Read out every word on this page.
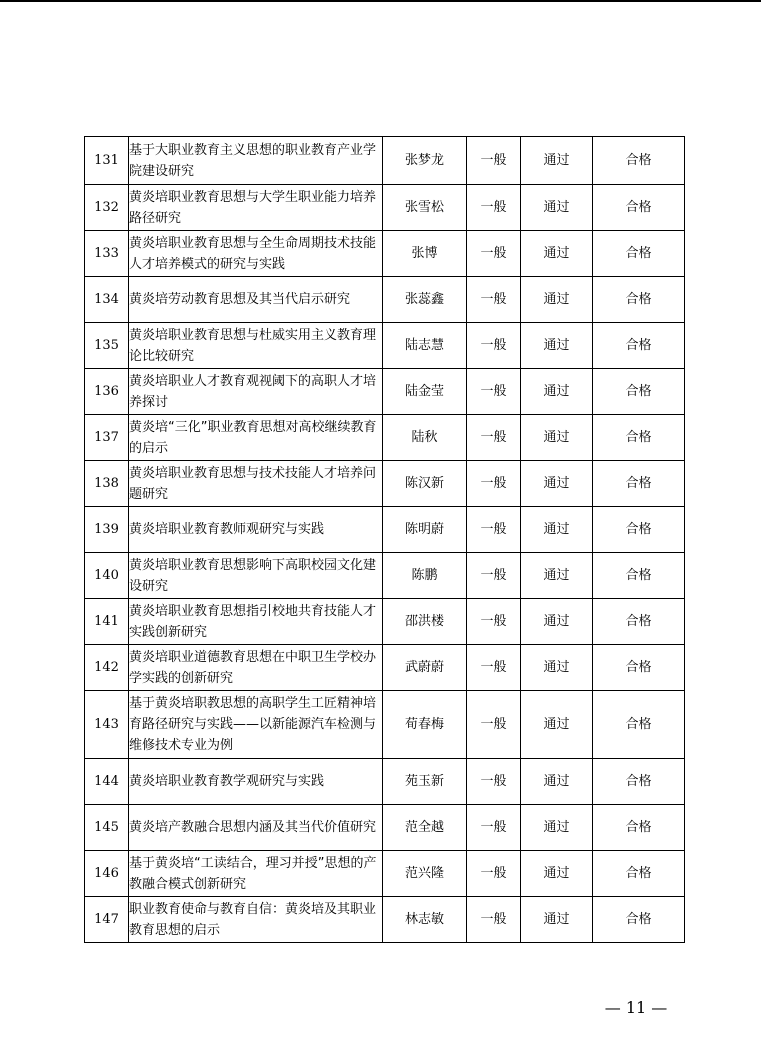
131	基于大职业教育主义思想的职业教育产业学院建设研究	张梦龙	一般	通过	合格
132	黄炎培职业教育思想与大学生职业能力培养路径研究	张雪松	一般	通过	合格
133	黄炎培职业教育思想与全生命周期技术技能人才培养模式的研究与实践	张博	一般	通过	合格
134	黄炎培劳动教育思想及其当代启示研究	张蕊鑫	一般	通过	合格
135	黄炎培职业教育思想与杜威实用主义教育理论比较研究	陆志慧	一般	通过	合格
136	黄炎培职业人才教育观视阈下的高职人才培养探讨	陆金莹	一般	通过	合格
137	黄炎培“三化”职业教育思想对高校继续教育的启示	陆秋	一般	通过	合格
138	黄炎培职业教育思想与技术技能人才培养问题研究	陈汉新	一般	通过	合格
139	黄炎培职业教育教师观研究与实践	陈明蔚	一般	通过	合格
140	黄炎培职业教育思想影响下高职校园文化建设研究	陈鹏	一般	通过	合格
141	黄炎培职业教育思想指引校地共育技能人才实践创新研究	邵洪楼	一般	通过	合格
142	黄炎培职业道德教育思想在中职卫生学校办学实践的创新研究	武蔚蔚	一般	通过	合格
143	基于黄炎培职教思想的高职学生工匠精神培育路径研究与实践——以新能源汽车检测与维修技术专业为例	荀春梅	一般	通过	合格
144	黄炎培职业教育教学观研究与实践	苑玉新	一般	通过	合格
145	黄炎培产教融合思想内涵及其当代价值研究	范全越	一般	通过	合格
146	基于黄炎培“工读结合，理习并授”思想的产教融合模式创新研究	范兴隆	一般	通过	合格
147	职业教育使命与教育自信：黄炎培及其职业教育思想的启示	林志敏	一般	通过	合格
— 11 —
